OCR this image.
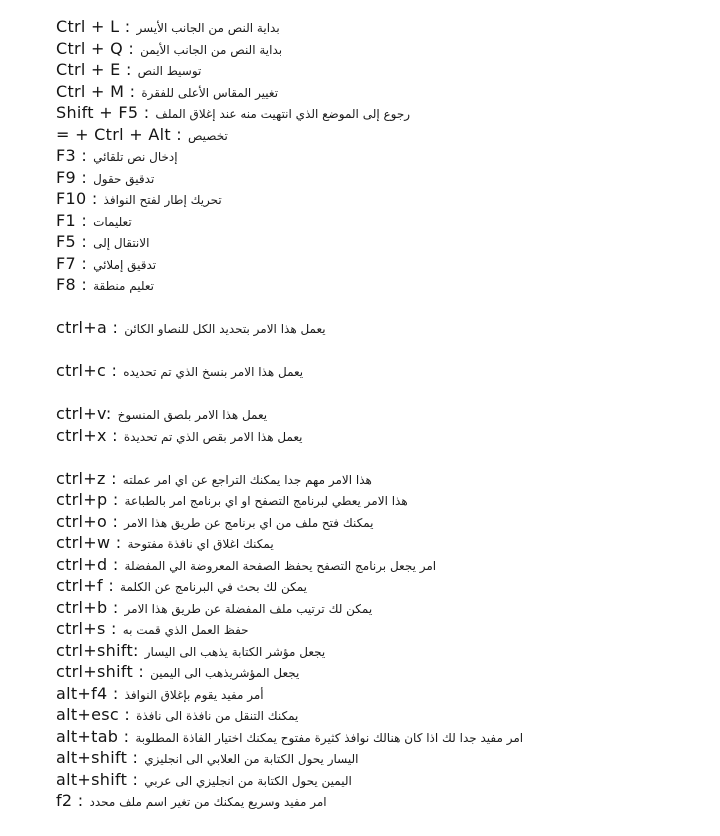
Ctrl + L : بداية النص من الجانب الأيسر
Ctrl + Q : بداية النص من الجانب الأيمن
Ctrl + E : توسيط النص
Ctrl + M : تغيير المقاس الأعلى للفقرة
Shift + F5 : رجوع إلى الموضع الذي انتهيت منه عند إغلاق الملف
= + Ctrl + Alt : تخصيص
F3 : إدخال نص تلقائي
F9 : تدقيق حقول
F10 : تحريك إطار لفتح النوافذ
F1 : تعليمات
F5 : الانتقال إلى
F7 : تدقيق إملائي
F8 : تعليم منطقة
ctrl+a : يعمل هذا الامر بتحديد الكل للنصاو الكائن
ctrl+c : يعمل هذا الامر بنسخ الذي تم تحديده
ctrl+v: يعمل هذا الامر بلصق المنسوخ
ctrl+x : يعمل هذا الامر بقص الذي تم تحديدة
ctrl+z : هذا الامر مهم جدا يمكنك التراجع عن اي امر عملته
ctrl+p : هذا الامر يعطي لبرنامج التصفح او اي برنامج امر بالطباعة
ctrl+o : يمكنك فتح ملف من اي برنامج عن طريق هذا الامر
ctrl+w : يمكنك اغلاق اي نافذة مفتوحة
ctrl+d : امر يجعل برنامج التصفح يحفظ الصفحة المعروضة الي المفضلة
ctrl+f : يمكن لك بحث في البرنامج عن الكلمة
ctrl+b : يمكن لك ترتيب ملف المفضلة عن طريق هذا الامر
ctrl+s : حفظ العمل الذي قمت به
ctrl+shift: يجعل مؤشر الكتابة يذهب الى اليسار
ctrl+shift : يجعل المؤشريذهب الى اليمين
alt+f4 : أمر مفيد يقوم بإغلاق النوافذ
alt+esc : يمكنك التنقل من نافذة الى نافذة
alt+tab : امر مفيد جدا لك اذا كان هنالك نوافذ كثيرة مفتوح يمكنك اختيار الفاذة المطلوبة
alt+shift : اليسار يحول الكتابة من العلابي الى انجليزي
alt+shift : اليمين يحول الكتابة من انجليزي الى عربي
f2 : امر مفيد وسريع يمكنك من تغير اسم ملف محدد
